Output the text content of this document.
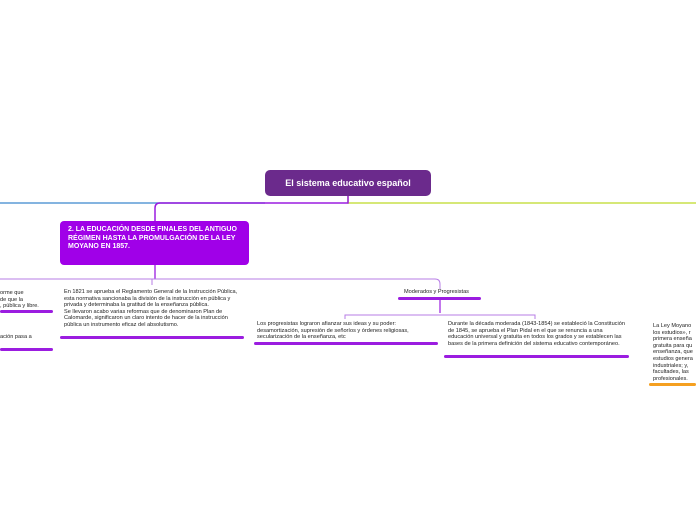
El sistema educativo español
2. LA EDUCACIÓN DESDE FINALES DEL ANTIGUO RÉGIMEN HASTA LA PROMULGACIÓN DE LA LEY MOYANO EN 1857.
orme que
de que la
, pública y libre.
ación pasa a
En 1821 se aprueba el Reglamento General de la Instrucción Pública, esta normativa sancionaba la división de la instrucción en pública y privada y determinaba la gratitud de la enseñanza pública.
Se llevaron acabo varias reformas que de denominaron Plan de Calomarde, significaron un claro intento de hacer de la instrucción pública un instrumento eficaz del absolutismo.
Moderados y Progresistas
Los progresistas lograron afianzar sus ideas y su poder: desamortización, supresión de señoríos y órdenes religiosas, secularización de la enseñanza, etc
Durante la década moderada (1843-1854) se estableció la Constitución de 1845, se aprueba el Plan Pidal en el que se renuncia a una educación universal y gratuita en todos los grados y se establecen las bases de la primera definición del sistema educativo contemporáneo.
La Ley Moyano
los estudios», r
primera enseña
gratuita para qu
enseñanza, que
estudios genera
industriales; y,
facultades, las
profesionales.
